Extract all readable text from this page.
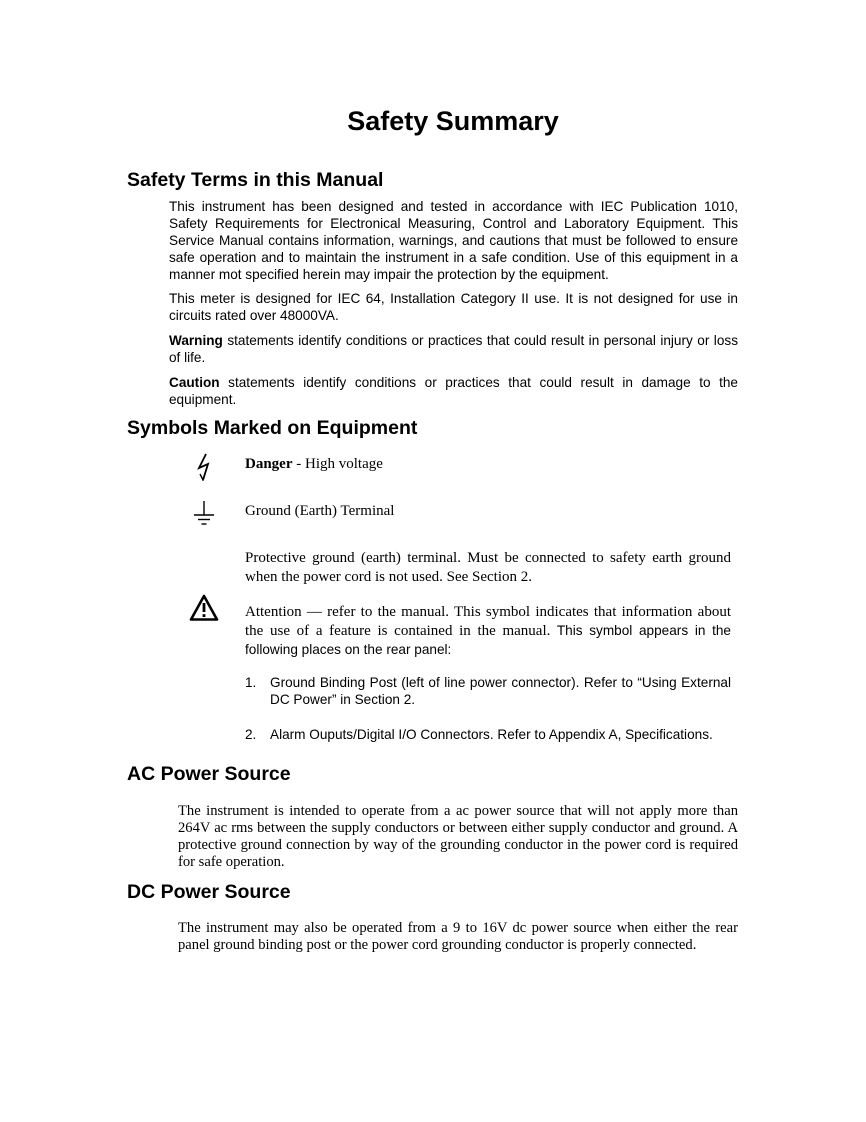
Safety Summary
Safety Terms in this Manual

This instrument has been designed and tested in accordance with IEC Publication 1010, Safety Requirements for Electronical Measuring, Control and Laboratory Equipment. This Service Manual contains information, warnings, and cautions that must be followed to ensure safe operation and to maintain the instrument in a safe condition. Use of this equipment in a manner mot specified herein may impair the protection by the equipment.

This meter is designed for IEC 64, Installation Category II use. It is not designed for use in circuits rated over 48000VA.

Warning statements identify conditions or practices that could result in personal injury or loss of life.

Caution statements identify conditions or practices that could result in damage to the equipment.

Symbols Marked on Equipment

Danger - High voltage

Ground (Earth) Terminal

Protective ground (earth) terminal. Must be connected to safety earth ground when the power cord is not used. See Section 2.

Attention — refer to the manual. This symbol indicates that information about the use of a feature is contained in the manual. This symbol appears in the following places on the rear panel:

1.	Ground Binding Post (left of line power connector). Refer to “Using External DC Power” in Section 2.
2.	Alarm Ouputs/Digital I/O Connectors. Refer to Appendix A, Specifications.
AC Power Source

The instrument is intended to operate from a ac power source that will not apply more than 264V ac rms between the supply conductors or between either supply conductor and ground. A protective ground connection by way of the grounding conductor in the power cord is required for safe operation.

DC Power Source

The instrument may also be operated from a 9 to 16V dc power source when either the rear panel ground binding post or the power cord grounding conductor is properly connected.
